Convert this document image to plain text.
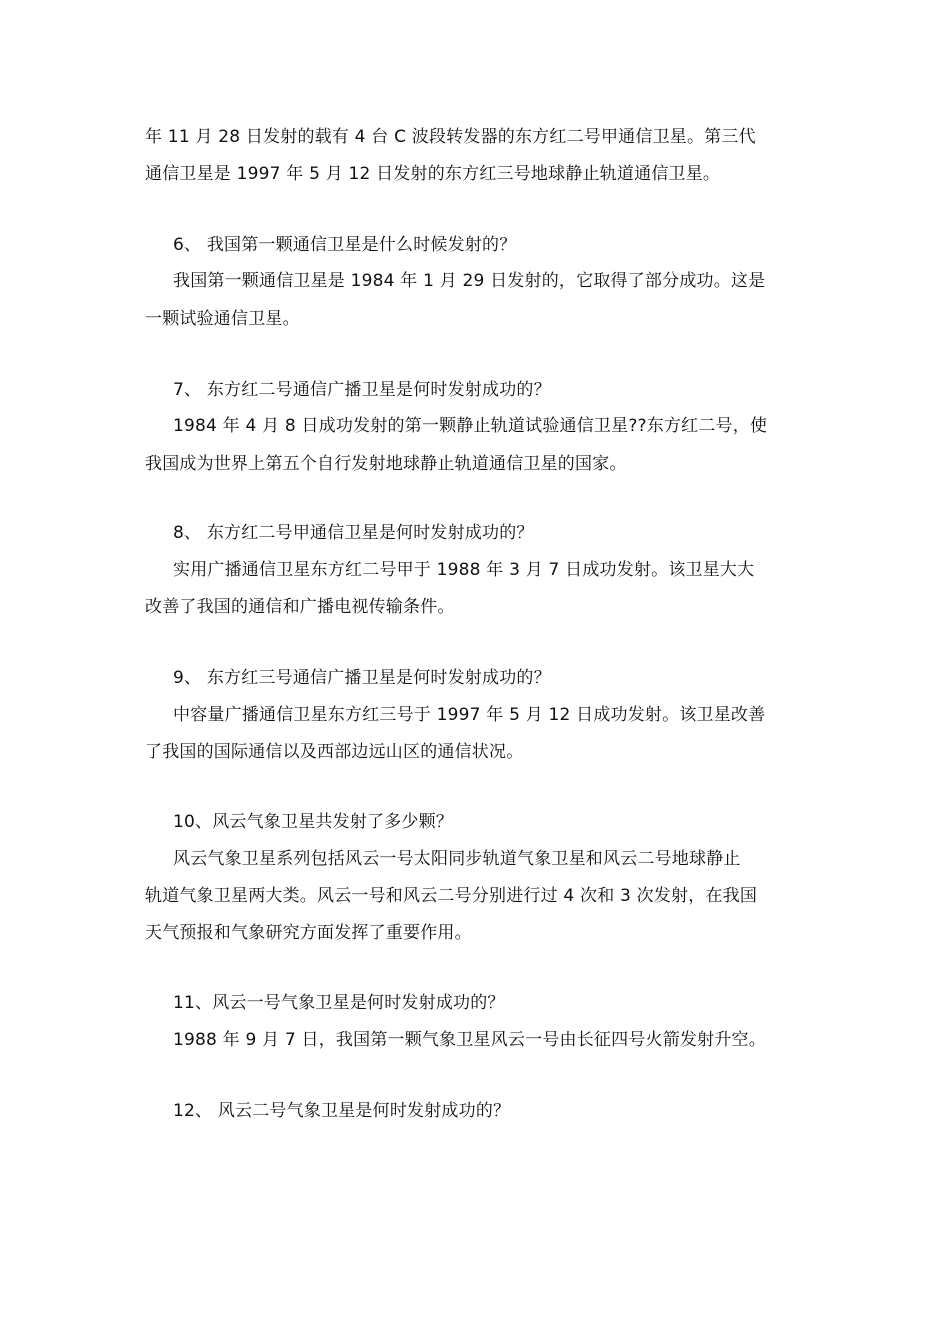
年 11 月 28 日发射的载有 4 台 C 波段转发器的东方红二号甲通信卫星。第三代
通信卫星是 1997 年 5 月 12 日发射的东方红三号地球静止轨道通信卫星。
6、 我国第一颗通信卫星是什么时候发射的？
我国第一颗通信卫星是 1984 年 1 月 29 日发射的，它取得了部分成功。这是
一颗试验通信卫星。
7、 东方红二号通信广播卫星是何时发射成功的？
1984 年 4 月 8 日成功发射的第一颗静止轨道试验通信卫星??东方红二号，使
我国成为世界上第五个自行发射地球静止轨道通信卫星的国家。
8、 东方红二号甲通信卫星是何时发射成功的？
实用广播通信卫星东方红二号甲于 1988 年 3 月 7 日成功发射。该卫星大大
改善了我国的通信和广播电视传输条件。
9、 东方红三号通信广播卫星是何时发射成功的？
中容量广播通信卫星东方红三号于 1997 年 5 月 12 日成功发射。该卫星改善
了我国的国际通信以及西部边远山区的通信状况。
10、风云气象卫星共发射了多少颗？
风云气象卫星系列包括风云一号太阳同步轨道气象卫星和风云二号地球静止
轨道气象卫星两大类。风云一号和风云二号分别进行过 4 次和 3 次发射，在我国
天气预报和气象研究方面发挥了重要作用。
11、风云一号气象卫星是何时发射成功的？
1988 年 9 月 7 日，我国第一颗气象卫星风云一号由长征四号火箭发射升空。
12、 风云二号气象卫星是何时发射成功的？
